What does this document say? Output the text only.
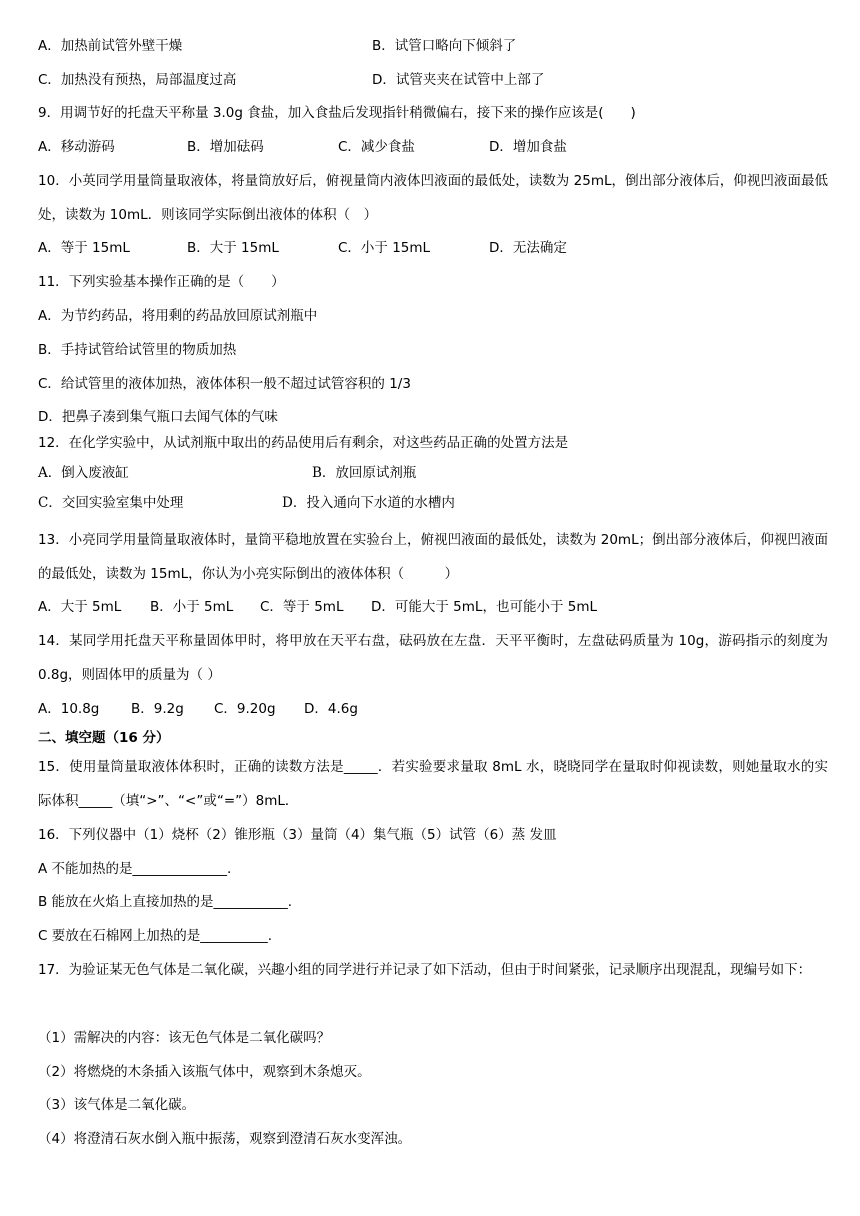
A．加热前试管外壁干燥	B．试管口略向下倾斜了
C．加热没有预热，局部温度过高	D．试管夹夹在试管中上部了
9．用调节好的托盘天平称量 3.0g 食盐，加入食盐后发现指针稍微偏右，接下来的操作应该是(　　)
A．移动游码	B．增加砝码	C．减少食盐	D．增加食盐
10．小英同学用量筒量取液体，将量筒放好后，俯视量筒内液体凹液面的最低处，读数为 25mL，倒出部分液体后，仰视凹液面最低处，读数为 10mL．则该同学实际倒出液体的体积（　）
A．等于 15mL	B．大于 15mL	C．小于 15mL	D．无法确定
11．下列实验基本操作正确的是（　　）
A．为节约药品，将用剩的药品放回原试剂瓶中
B．手持试管给试管里的物质加热
C．给试管里的液体加热，液体体积一般不超过试管容积的 1/3
D．把鼻子凑到集气瓶口去闻气体的气味
12．在化学实验中，从试剂瓶中取出的药品使用后有剩余，对这些药品正确的处置方法是
A．倒入废液缸	B．放回原试剂瓶
C．交回实验室集中处理	D．投入通向下水道的水槽内
13．小亮同学用量筒量取液体时，量筒平稳地放置在实验台上，俯视凹液面的最低处，读数为 20mL；倒出部分液体后，仰视凹液面的最低处，读数为 15mL，你认为小亮实际倒出的液体体积（　　　）
A．大于 5mL B．小于 5mL C．等于 5mL D．可能大于 5mL，也可能小于 5mL
14．某同学用托盘天平称量固体甲时，将甲放在天平右盘，砝码放在左盘．天平平衡时，左盘砝码质量为 10g，游码指示的刻度为 0.8g，则固体甲的质量为（ ）
A．10.8g B．9.2g C．9.20g D．4.6g
二、填空题（16 分）
15．使用量筒量取液体体积时，正确的读数方法是_____．若实验要求量取 8mL 水，晓晓同学在量取时仰视读数，则她量取水的实际体积_____（填“>”、“<”或“=”）8mL．
16．下列仪器中（1）烧杯（2）锥形瓶（3）量筒（4）集气瓶（5）试管（6）蒸 发皿
A 不能加热的是______________.
B 能放在火焰上直接加热的是___________.
C 要放在石棉网上加热的是__________.
17．为验证某无色气体是二氧化碳，兴趣小组的同学进行并记录了如下活动，但由于时间紧张，记录顺序出现混乱，现编号如下：
（1）需解决的内容：该无色气体是二氧化碳吗？
（2）将燃烧的木条插入该瓶气体中，观察到木条熄灭。
（3）该气体是二氧化碳。
（4）将澄清石灰水倒入瓶中振荡，观察到澄清石灰水变浑浊。
